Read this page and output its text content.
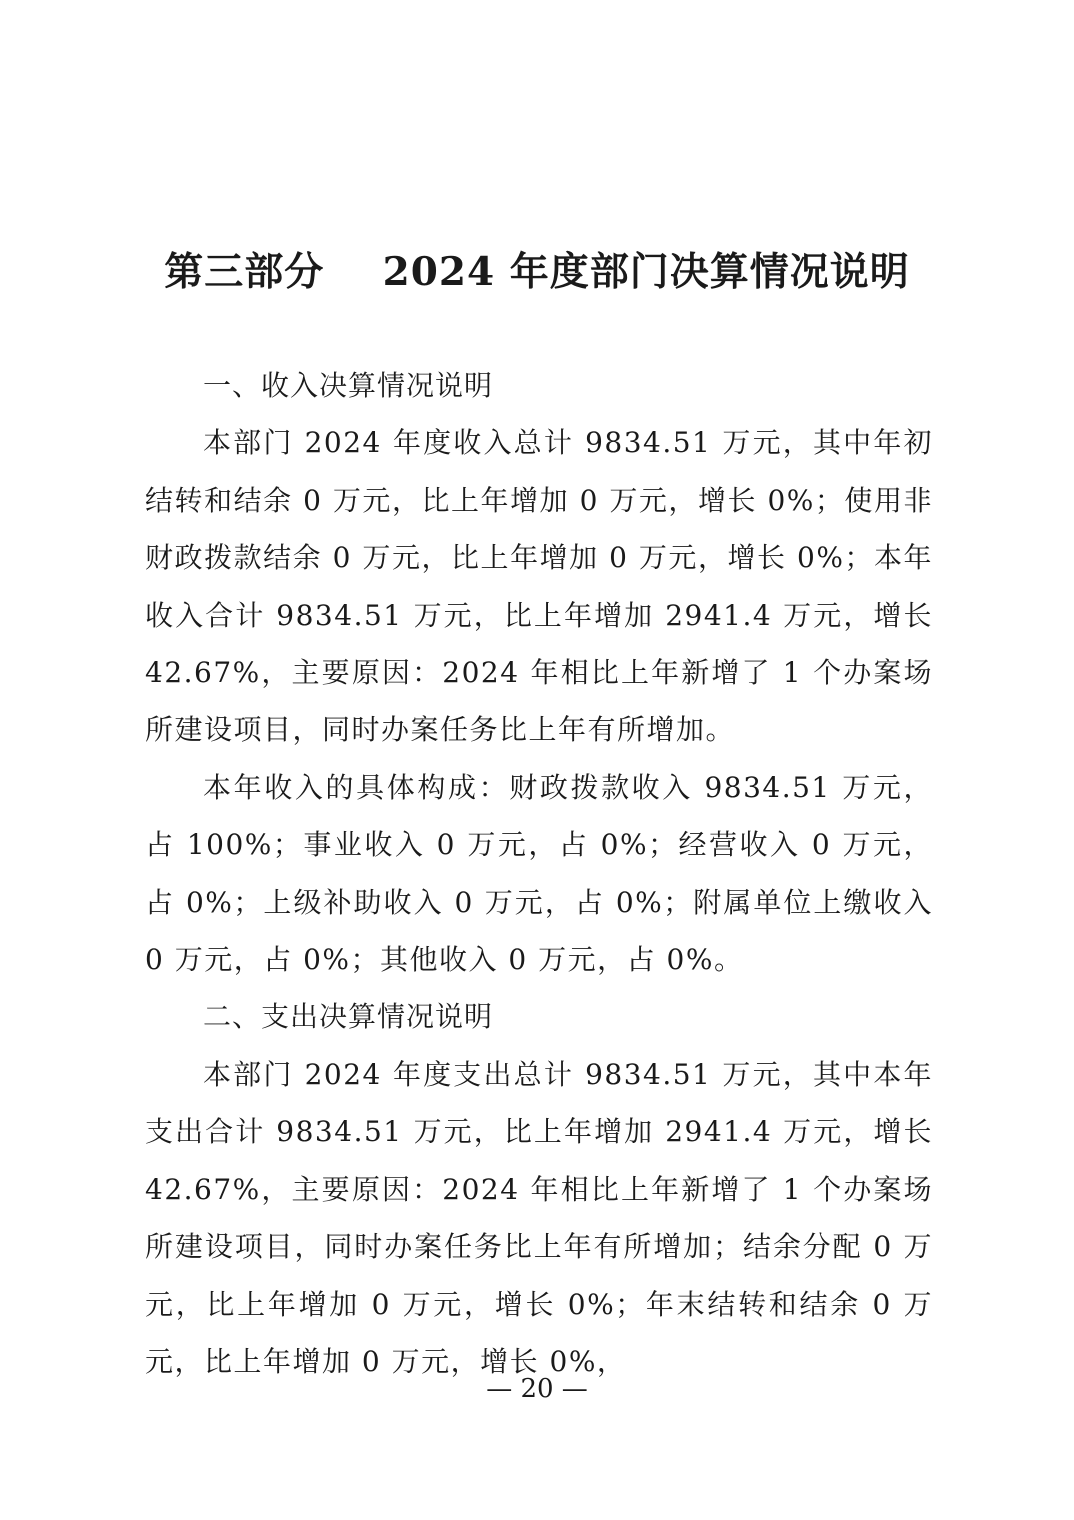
第三部分    2024 年度部门决算情况说明
一、收入决算情况说明

本部门 2024 年度收入总计 9834.51 万元，其中年初结转和结余 0 万元，比上年增加 0 万元，增长 0%；使用非财政拨款结余 0 万元，比上年增加 0 万元，增长 0%；本年收入合计 9834.51 万元，比上年增加 2941.4 万元，增长 42.67%，主要原因：2024 年相比上年新增了 1 个办案场所建设项目，同时办案任务比上年有所增加。

本年收入的具体构成：财政拨款收入 9834.51 万元，占 100%；事业收入 0 万元，占 0%；经营收入 0 万元，占 0%；上级补助收入 0 万元，占 0%；附属单位上缴收入 0 万元，占 0%；其他收入 0 万元，占 0%。

二、支出决算情况说明

本部门 2024 年度支出总计 9834.51 万元，其中本年支出合计 9834.51 万元，比上年增加 2941.4 万元，增长 42.67%，主要原因：2024 年相比上年新增了 1 个办案场所建设项目，同时办案任务比上年有所增加；结余分配 0 万元，比上年增加 0 万元，增长 0%；年末结转和结余 0 万元，比上年增加 0 万元，增长 0%，

— 20 —
